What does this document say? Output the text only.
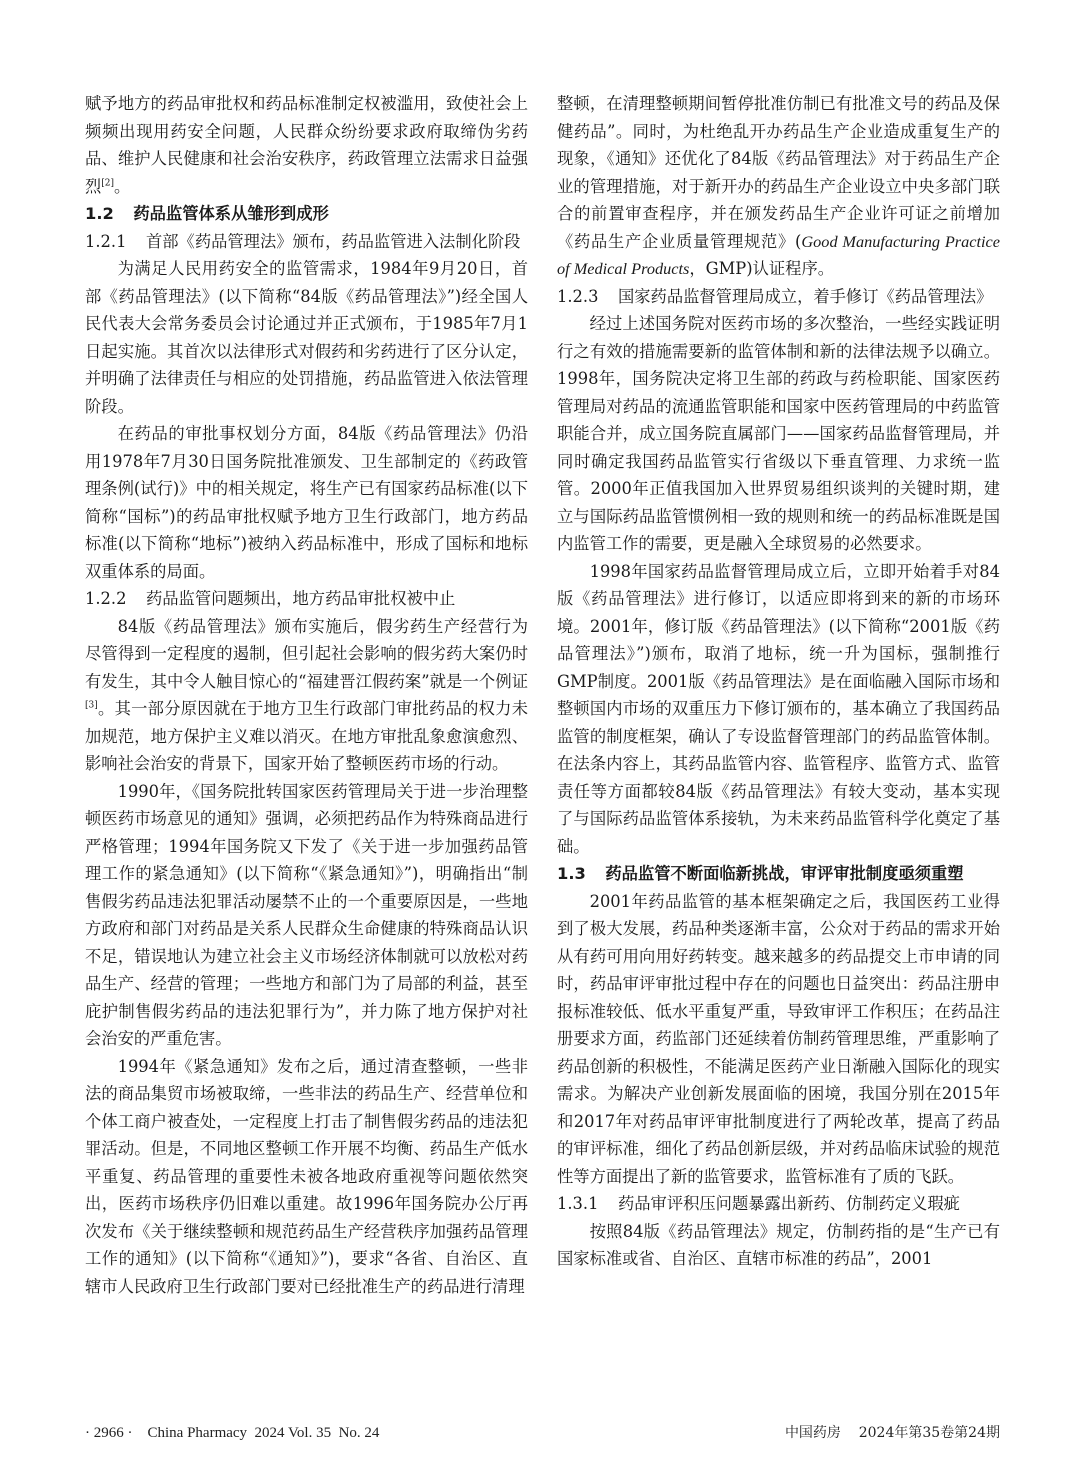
赋予地方的药品审批权和药品标准制定权被滥用，致使社会上频频出现用药安全问题，人民群众纷纷要求政府取缔伪劣药品、维护人民健康和社会治安秩序，药政管理立法需求日益强烈[2]。

1.2 药品监管体系从雏形到成形

1.2.1 首部《药品管理法》颁布，药品监管进入法制化阶段

为满足人民用药安全的监管需求，1984年9月20日，首部《药品管理法》(以下简称“84版《药品管理法》”)经全国人民代表大会常务委员会讨论通过并正式颁布，于1985年7月1日起实施。其首次以法律形式对假药和劣药进行了区分认定，并明确了法律责任与相应的处罚措施，药品监管进入依法管理阶段。

在药品的审批事权划分方面，84版《药品管理法》仍沿用1978年7月30日国务院批准颁发、卫生部制定的《药政管理条例(试行)》中的相关规定，将生产已有国家药品标准(以下简称“国标”)的药品审批权赋予地方卫生行政部门，地方药品标准(以下简称“地标”)被纳入药品标准中，形成了国标和地标双重体系的局面。

1.2.2 药品监管问题频出，地方药品审批权被中止

84版《药品管理法》颁布实施后，假劣药生产经营行为尽管得到一定程度的遏制，但引起社会影响的假劣药大案仍时有发生，其中令人触目惊心的“福建晋江假药案”就是一个例证[3]。其一部分原因就在于地方卫生行政部门审批药品的权力未加规范，地方保护主义难以消灭。在地方审批乱象愈演愈烈、影响社会治安的背景下，国家开始了整顿医药市场的行动。

1990年，《国务院批转国家医药管理局关于进一步治理整顿医药市场意见的通知》强调，必须把药品作为特殊商品进行严格管理；1994年国务院又下发了《关于进一步加强药品管理工作的紧急通知》(以下简称“《紧急通知》”)，明确指出“制售假劣药品违法犯罪活动屡禁不止的一个重要原因是，一些地方政府和部门对药品是关系人民群众生命健康的特殊商品认识不足，错误地认为建立社会主义市场经济体制就可以放松对药品生产、经营的管理；一些地方和部门为了局部的利益，甚至庇护制售假劣药品的违法犯罪行为”，并力陈了地方保护对社会治安的严重危害。

1994年《紧急通知》发布之后，通过清查整顿，一些非法的商品集贸市场被取缔，一些非法的药品生产、经营单位和个体工商户被查处，一定程度上打击了制售假劣药品的违法犯罪活动。但是，不同地区整顿工作开展不均衡、药品生产低水平重复、药品管理的重要性未被各地政府重视等问题依然突出，医药市场秩序仍旧难以重建。故1996年国务院办公厅再次发布《关于继续整顿和规范药品生产经营秩序加强药品管理工作的通知》(以下简称“《通知》”)，要求“各省、自治区、直辖市人民政府卫生行政部门要对已经批准生产的药品进行清理

整顿，在清理整顿期间暂停批准仿制已有批准文号的药品及保健药品”。同时，为杜绝乱开办药品生产企业造成重复生产的现象，《通知》还优化了84版《药品管理法》对于药品生产企业的管理措施，对于新开办的药品生产企业设立中央多部门联合的前置审查程序，并在颁发药品生产企业许可证之前增加《药品生产企业质量管理规范》(Good Manufacturing Practice of Medical Products，GMP)认证程序。

1.2.3 国家药品监督管理局成立，着手修订《药品管理法》

经过上述国务院对医药市场的多次整治，一些经实践证明行之有效的措施需要新的监管体制和新的法律法规予以确立。1998年，国务院决定将卫生部的药政与药检职能、国家医药管理局对药品的流通监管职能和国家中医药管理局的中药监管职能合并，成立国务院直属部门——国家药品监督管理局，并同时确定我国药品监管实行省级以下垂直管理、力求统一监管。2000年正值我国加入世界贸易组织谈判的关键时期，建立与国际药品监管惯例相一致的规则和统一的药品标准既是国内监管工作的需要，更是融入全球贸易的必然要求。

1998年国家药品监督管理局成立后，立即开始着手对84版《药品管理法》进行修订，以适应即将到来的新的市场环境。2001年，修订版《药品管理法》(以下简称“2001版《药品管理法》”)颁布，取消了地标，统一升为国标，强制推行GMP制度。2001版《药品管理法》是在面临融入国际市场和整顿国内市场的双重压力下修订颁布的，基本确立了我国药品监管的制度框架，确认了专设监督管理部门的药品监管体制。在法条内容上，其药品监管内容、监管程序、监管方式、监管责任等方面都较84版《药品管理法》有较大变动，基本实现了与国际药品监管体系接轨，为未来药品监管科学化奠定了基础。

1.3 药品监管不断面临新挑战，审评审批制度亟须重塑

2001年药品监管的基本框架确定之后，我国医药工业得到了极大发展，药品种类逐渐丰富，公众对于药品的需求开始从有药可用向用好药转变。越来越多的药品提交上市申请的同时，药品审评审批过程中存在的问题也日益突出：药品注册申报标准较低、低水平重复严重，导致审评工作积压；在药品注册要求方面，药监部门还延续着仿制药管理思维，严重影响了药品创新的积极性，不能满足医药产业日渐融入国际化的现实需求。为解决产业创新发展面临的困境，我国分别在2015年和2017年对药品审评审批制度进行了两轮改革，提高了药品的审评标准，细化了药品创新层级，并对药品临床试验的规范性等方面提出了新的监管要求，监管标准有了质的飞跃。

1.3.1 药品审评积压问题暴露出新药、仿制药定义瑕疵

按照84版《药品管理法》规定，仿制药指的是“生产已有国家标准或省、自治区、直辖市标准的药品”，2001

· 2966 ·    China Pharmacy  2024 Vol. 35  No. 24	中国药房    2024年第35卷第24期
